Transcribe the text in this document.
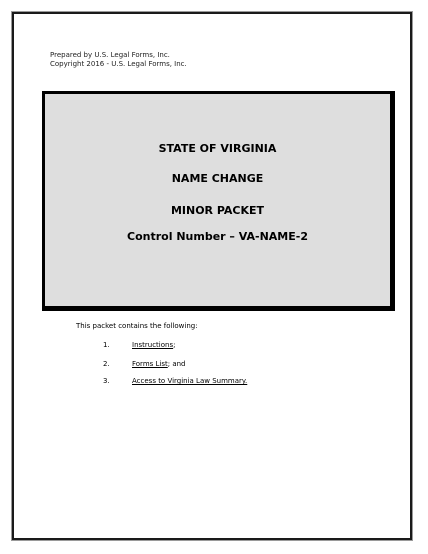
Prepared by U.S. Legal Forms, Inc.
Copyright 2016 - U.S. Legal Forms, Inc.
STATE OF VIRGINIA
NAME CHANGE
MINOR PACKET
Control Number – VA-NAME-2
This packet contains the following:
1.	Instructions;
2.	Forms List; and
3.	Access to Virginia Law Summary.
